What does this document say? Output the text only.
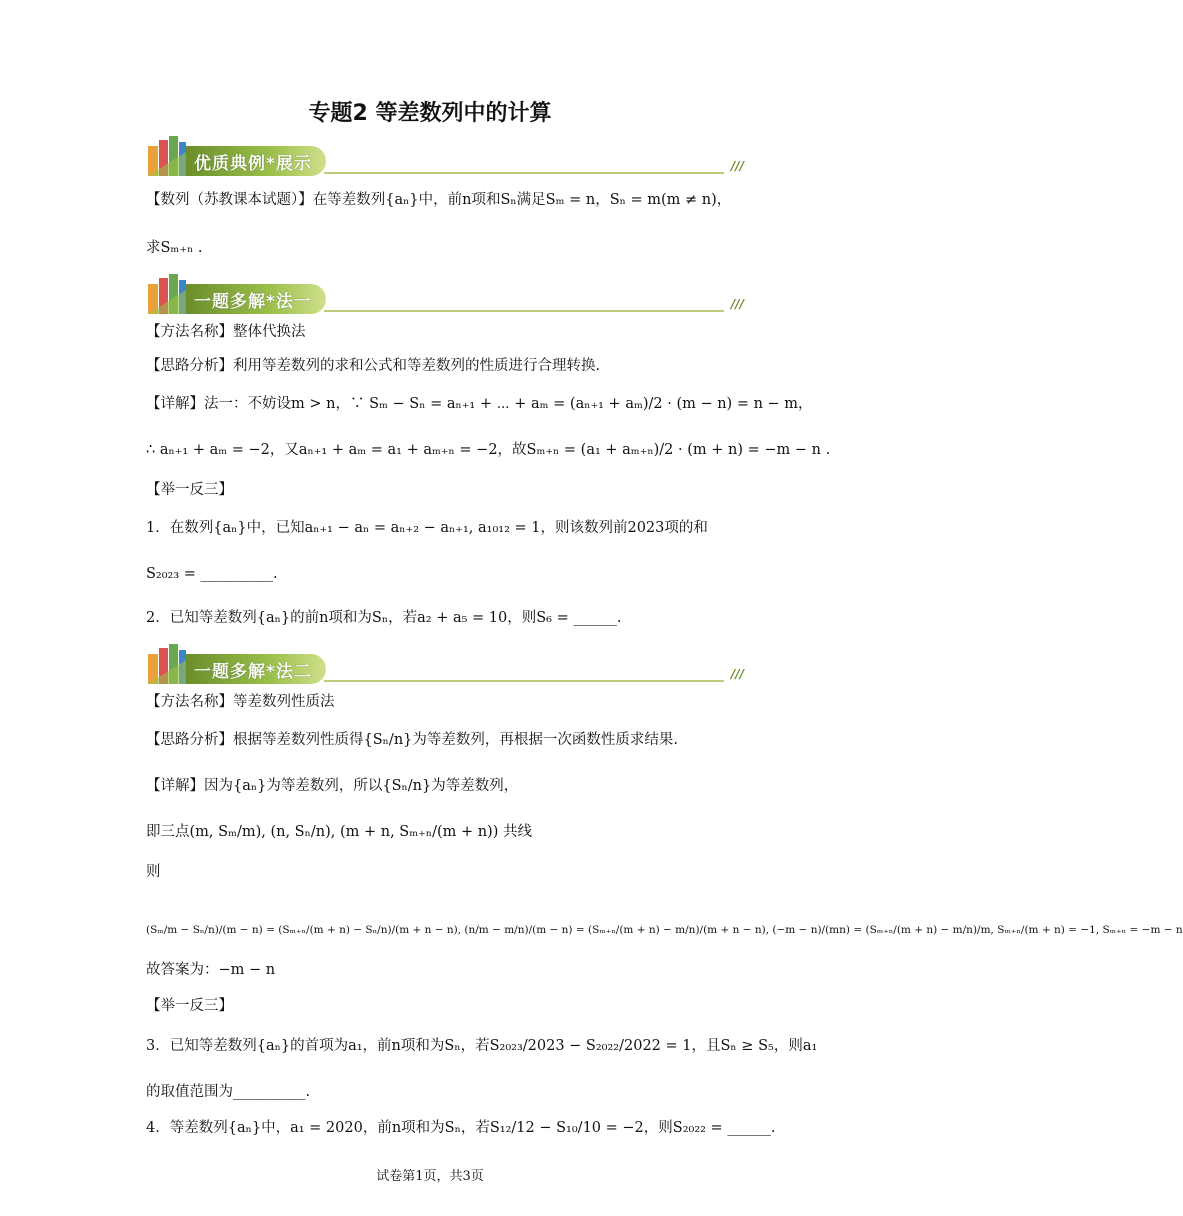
专题2 等差数列中的计算
优质典例*展示	///
【数列（苏教课本试题）】在等差数列{aₙ}中，前n项和Sₙ满足Sₘ = n，Sₙ = m(m ≠ n)，
求Sₘ₊ₙ .
一题多解*法一	///
【方法名称】整体代换法
【思路分析】利用等差数列的求和公式和等差数列的性质进行合理转换.
【详解】法一：不妨设m > n，∵ Sₘ − Sₙ = aₙ₊₁ + ⋯ + aₘ = (aₙ₊₁ + aₘ)/2 · (m − n) = n − m，
∴ aₙ₊₁ + aₘ = −2，又aₙ₊₁ + aₘ = a₁ + aₘ₊ₙ = −2，故Sₘ₊ₙ = (a₁ + aₘ₊ₙ)/2 · (m + n) = −m − n .
【举一反三】
1．在数列{aₙ}中，已知aₙ₊₁ − aₙ = aₙ₊₂ − aₙ₊₁, a₁₀₁₂ = 1，则该数列前2023项的和
S₂₀₂₃ = __________.
2．已知等差数列{aₙ}的前n项和为Sₙ，若a₂ + a₅ = 10，则S₆ = ______.
一题多解*法二	///
【方法名称】等差数列性质法
【思路分析】根据等差数列性质得{Sₙ/n}为等差数列，再根据一次函数性质求结果.
【详解】因为{aₙ}为等差数列，所以{Sₙ/n}为等差数列，
即三点(m, Sₘ/m), (n, Sₙ/n), (m + n, Sₘ₊ₙ/(m + n)) 共线
则
(Sₘ/m − Sₙ/n)/(m − n) = (Sₘ₊ₙ/(m + n) − Sₙ/n)/(m + n − n), (n/m − m/n)/(m − n) = (Sₘ₊ₙ/(m + n) − m/n)/(m + n − n), (−m − n)/(mn) = (Sₘ₊ₙ/(m + n) − m/n)/m, Sₘ₊ₙ/(m + n) = −1, Sₘ₊ₙ = −m − n
故答案为：−m − n
【举一反三】
3．已知等差数列{aₙ}的首项为a₁，前n项和为Sₙ，若S₂₀₂₃/2023 − S₂₀₂₂/2022 = 1，且Sₙ ≥ S₅，则a₁
的取值范围为__________.
4．等差数列{aₙ}中，a₁ = 2020，前n项和为Sₙ，若S₁₂/12 − S₁₀/10 = −2，则S₂₀₂₂ = ______.
试卷第1页，共3页
